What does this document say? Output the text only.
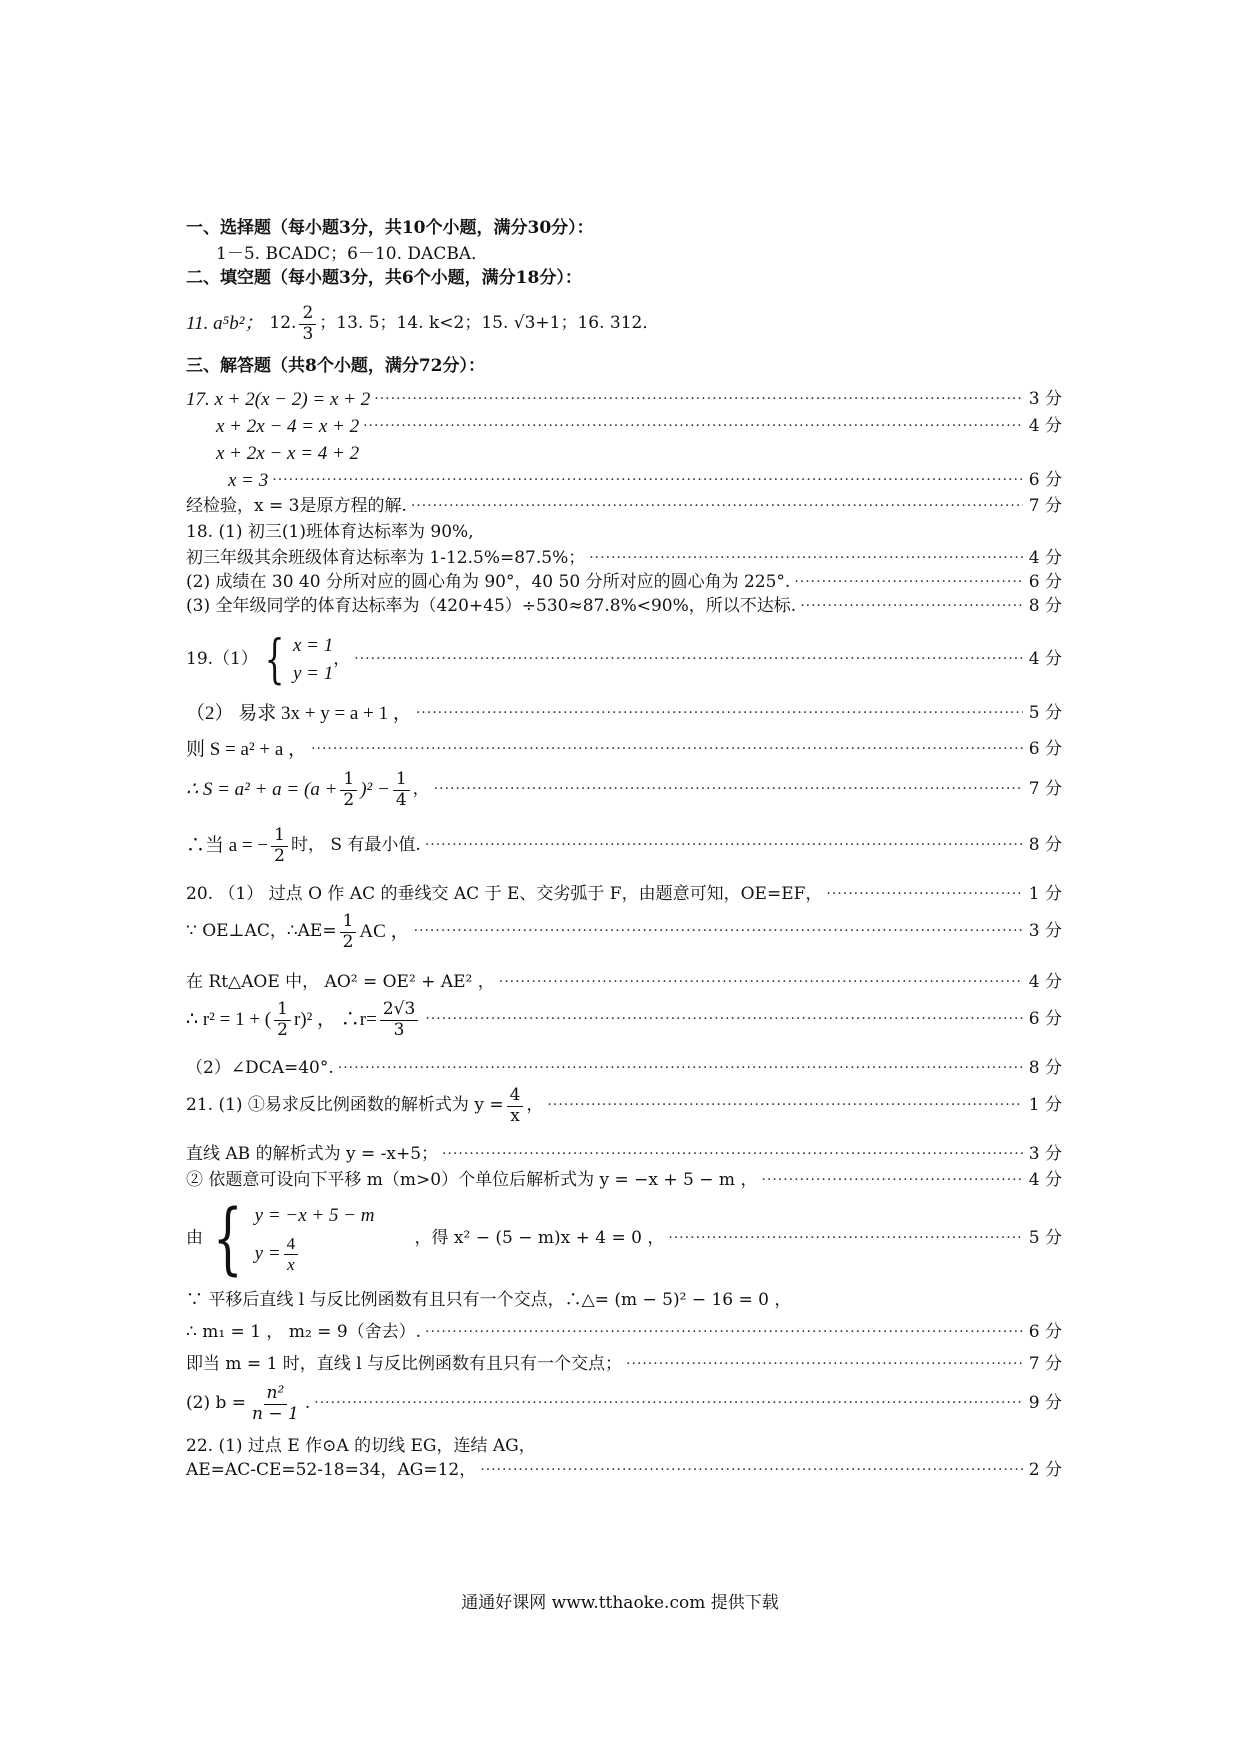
一、选择题（每小题3分，共10个小题，满分30分）：
1－5. BCADC；6－10. DACBA．
二、填空题（每小题3分，共6个小题，满分18分）：
11. a⁵b²； 12. $\frac{2}{3}$ ；13. 5；14. k<2；15. √3+1；16. 312．
三、解答题（共8个小题，满分72分）：
17. x + 2(x − 2) = x + 2 ·····	3 分
x + 2x − 4 = x + 2 ·····	4 分
x + 2x − x = 4 + 2
x = 3 ·····	6 分
经检验，x = 3是原方程的解. ·····	7 分
18. (1) 初三(1)班体育达标率为 90%,
初三年级其余班级体育达标率为 1-12.5%=87.5%； ·····	4 分
(2) 成绩在 30 40 分所对应的圆心角为 90°，40 50 分所对应的圆心角为 225°. ·····	6 分
(3) 全年级同学的体育达标率为（420+45）÷530≈87.8%<90%，所以不达标. ·····	8 分
19.（1） { x = 1
y = 1
， ·····	4 分
（2） 易求 3x + y = a + 1 ， ·····	5 分
则 S = a² + a ， ·····	6 分
∴ $S = a^2 + a = (a + \frac{1}{2} )^2 - \frac{1}{4}$ ， ·····	7 分
∴当 a = − $\frac{1}{2}$ 时， S 有最小值. ·····	8 分
20. （1） 过点 O 作 AC 的垂线交 AC 于 E、交劣弧于 F，由题意可知，OE=EF， ·····	1 分
∵ OE⊥AC，∴AE= $\frac{1}{2}$ AC ， ·····	3 分
在 Rt△AOE 中， AO² = OE² + AE² ， ·····	4 分
∴ r² = 1 + ( $\frac{1}{2} r)^2$ ， ∴r= $\frac{2√3}{3}$ ·····	6 分
（2）∠DCA=40°. ·····	8 分
21. (1) ①易求反比例函数的解析式为 $y = \frac{4}{x}$ ， ·····	1 分
直线 AB 的解析式为 y = -x+5； ·····	3 分
② 依题意可设向下平移 m（m>0）个单位后解析式为 y = −x + 5 − m ， ·····	4 分
由 { y = −x + 5 − m
$y = \frac{4}{x}$	，得 x² − (5 − m)x + 4 = 0 ， ·····	5 分
∵ 平移后直线 l 与反比例函数有且只有一个交点，∴△= (m − 5)² − 16 = 0 ，
∴ m₁ = 1 ， m₂ = 9（舍去）. ·····	6 分
即当 m = 1 时，直线 l 与反比例函数有且只有一个交点； ·····	7 分
(2) $b = \frac{\text{n²}}{n - 1}$ . ·····	9 分
22. (1) 过点 E 作⊙A 的切线 EG，连结 AG，
AE=AC-CE=52-18=34，AG=12， ·····	2 分
通通好课网 www.tthaoke.com 提供下载
